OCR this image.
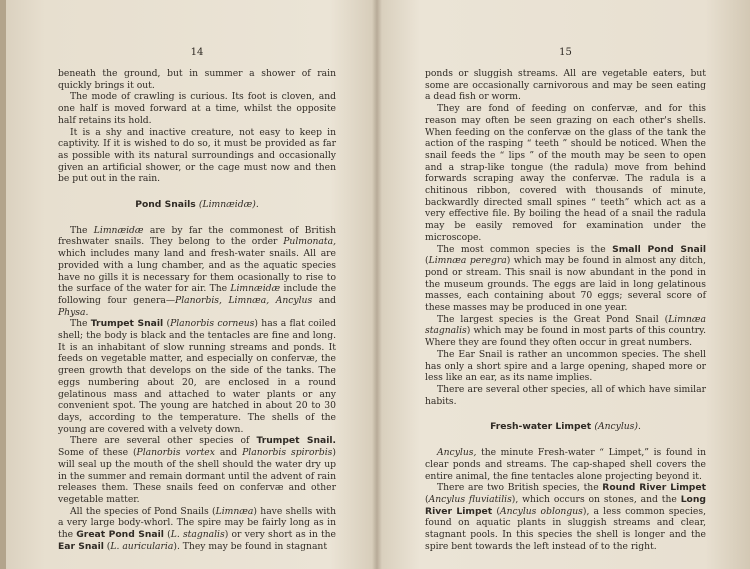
14

beneath the ground, but in summer a shower of rain quickly brings it out.

The mode of crawling is curious. Its foot is cloven, and one half is moved forward at a time, whilst the opposite half retains its hold.

It is a shy and inactive creature, not easy to keep in captivity. If it is wished to do so, it must be provided as far as possible with its natural surroundings and occasionally given an artificial shower, or the cage must now and then be put out in the rain.

Pond Snails (Limnæidæ).

The Limnæidæ are by far the commonest of British freshwater snails. They belong to the order Pulmonata, which includes many land and fresh-water snails. All are provided with a lung chamber, and as the aquatic species have no gills it is necessary for them ocasionally to rise to the surface of the water for air. The Limnæidæ include the following four genera—Planorbis, Limnæa, Ancylus and Physa.

The Trumpet Snail (Planorbis corneus) has a flat coiled shell; the body is black and the tentacles are fine and long. It is an inhabitant of slow running streams and ponds. It feeds on vegetable matter, and especially on confervæ, the green growth that develops on the side of the tanks. The eggs numbering about 20, are enclosed in a round gelatinous mass and attached to water plants or any convenient spot. The young are hatched in about 20 to 30 days, according to the temperature. The shells of the young are covered with a velvety down.

There are several other species of Trumpet Snail. Some of these (Planorbis vortex and Planorbis spirorbis) will seal up the mouth of the shell should the water dry up in the summer and remain dormant until the advent of rain releases them. These snails feed on confervæ and other vegetable matter.

All the species of Pond Snails (Limnæa) have shells with a very large body-whorl. The spire may be fairly long as in the Great Pond Snail (L. stagnalis) or very short as in the Ear Snail (L. auricularia). They may be found in stagnant

15

ponds or sluggish streams. All are vegetable eaters, but some are occasionally carnivorous and may be seen eating a dead fish or worm.

They are fond of feeding on confervæ, and for this reason may often be seen grazing on each other's shells. When feeding on the confervæ on the glass of the tank the action of the rasping “ teeth ” should be noticed. When the snail feeds the “ lips ” of the mouth may be seen to open and a strap-like tongue (the radula) move from behind forwards scraping away the confervæ. The radula is a chitinous ribbon, covered with thousands of minute, backwardly directed small spines “ teeth” which act as a very effective file. By boiling the head of a snail the radula may be easily removed for examination under the microscope.

The most common species is the Small Pond Snail (Limnæa peregra) which may be found in almost any ditch, pond or stream. This snail is now abundant in the pond in the museum grounds. The eggs are laid in long gelatinous masses, each containing about 70 eggs; several score of these masses may be produced in one year.

The largest species is the Great Pond Snail (Limnæa stagnalis) which may be found in most parts of this country. Where they are found they often occur in great numbers.

The Ear Snail is rather an uncommon species. The shell has only a short spire and a large opening, shaped more or less like an ear, as its name implies.

There are several other species, all of which have similar habits.

Fresh-water Limpet (Ancylus).

Ancylus, the minute Fresh-water “ Limpet,” is found in clear ponds and streams. The cap-shaped shell covers the entire animal, the fine tentacles alone projecting beyond it.

There are two British species, the Round River Limpet (Ancylus fluviatilis), which occurs on stones, and the Long River Limpet (Ancylus oblongus), a less common species, found on aquatic plants in sluggish streams and clear, stagnant pools. In this species the shell is longer and the spire bent towards the left instead of to the right.
